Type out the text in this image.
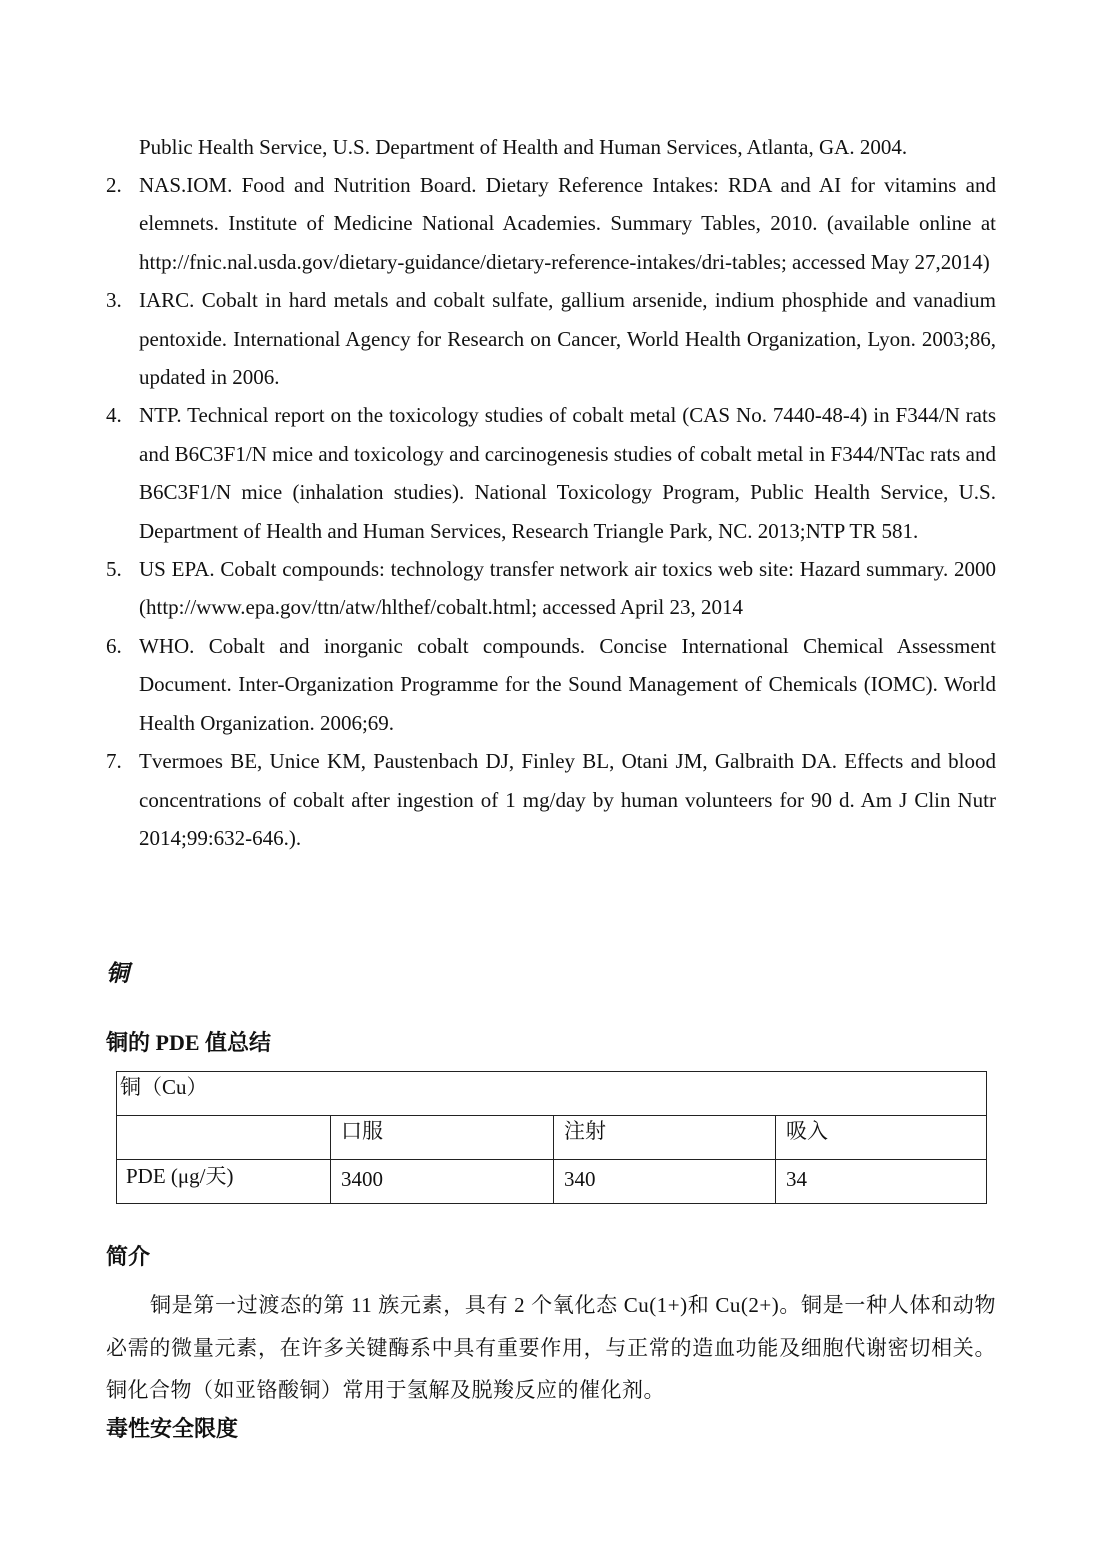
Public Health Service, U.S. Department of Health and Human Services, Atlanta, GA. 2004.
2. NAS.IOM. Food and Nutrition Board. Dietary Reference Intakes: RDA and AI for vitamins and elemnets. Institute of Medicine National Academies. Summary Tables, 2010. (available online at http://fnic.nal.usda.gov/dietary-guidance/dietary-reference-intakes/dri-tables; accessed May 27,2014)
3. IARC. Cobalt in hard metals and cobalt sulfate, gallium arsenide, indium phosphide and vanadium pentoxide. International Agency for Research on Cancer, World Health Organization, Lyon. 2003;86, updated in 2006.
4. NTP. Technical report on the toxicology studies of cobalt metal (CAS No. 7440-48-4) in F344/N rats and B6C3F1/N mice and toxicology and carcinogenesis studies of cobalt metal in F344/NTac rats and B6C3F1/N mice (inhalation studies). National Toxicology Program, Public Health Service, U.S. Department of Health and Human Services, Research Triangle Park, NC. 2013;NTP TR 581.
5. US EPA. Cobalt compounds: technology transfer network air toxics web site: Hazard summary. 2000 (http://www.epa.gov/ttn/atw/hlthef/cobalt.html; accessed April 23, 2014
6. WHO. Cobalt and inorganic cobalt compounds. Concise International Chemical Assessment Document. Inter-Organization Programme for the Sound Management of Chemicals (IOMC). World Health Organization. 2006;69.
7. Tvermoes BE, Unice KM, Paustenbach DJ, Finley BL, Otani JM, Galbraith DA. Effects and blood concentrations of cobalt after ingestion of 1 mg/day by human volunteers for 90 d. Am J Clin Nutr 2014;99:632-646.).
铜
铜的 PDE 值总结
铜（Cu）			
	口服	注射	吸入
PDE (μg/天)	3400	340	34
简介

铜是第一过渡态的第 11 族元素，具有 2 个氧化态 Cu(1+)和 Cu(2+)。铜是一种人体和动物必需的微量元素，在许多关键酶系中具有重要作用，与正常的造血功能及细胞代谢密切相关。铜化合物（如亚铬酸铜）常用于氢解及脱羧反应的催化剂。

毒性安全限度
